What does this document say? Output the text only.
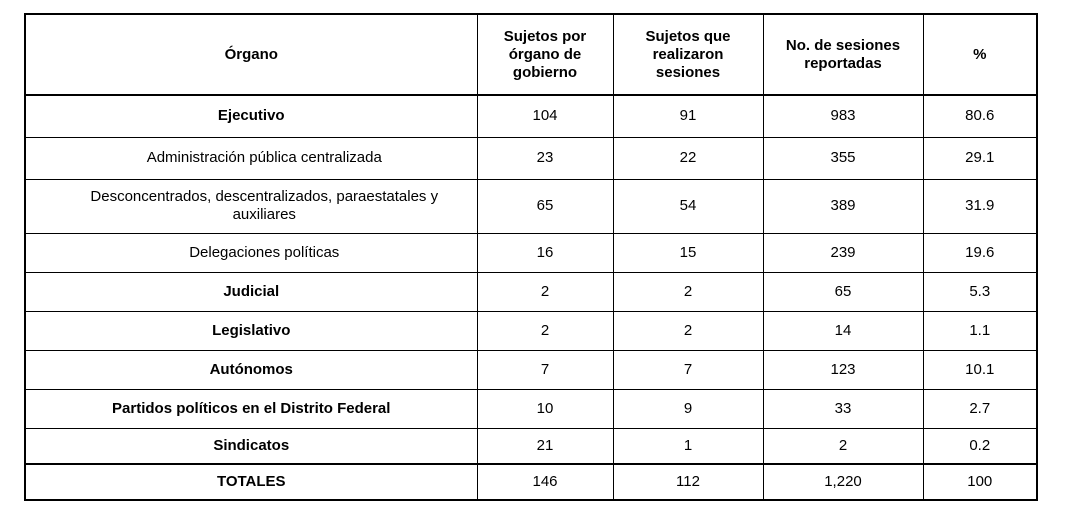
Órgano	Sujetos por órgano de gobierno	Sujetos que realizaron sesiones	No. de sesiones reportadas	%
Ejecutivo	104	91	983	80.6
Administración pública centralizada	23	22	355	29.1
Desconcentrados, descentralizados, paraestatales y auxiliares	65	54	389	31.9
Delegaciones políticas	16	15	239	19.6
Judicial	2	2	65	5.3
Legislativo	2	2	14	1.1
Autónomos	7	7	123	10.1
Partidos políticos en el Distrito Federal	10	9	33	2.7
Sindicatos	21	1	2	0.2
TOTALES	146	112	1,220	100
